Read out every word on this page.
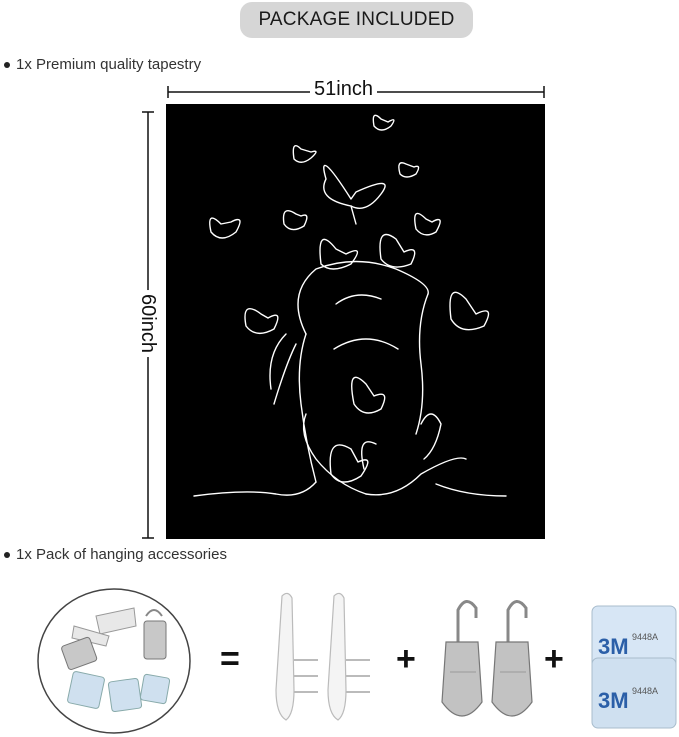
PACKAGE INCLUDED
1x Premium quality tapestry
51inch
60inch
1x Pack of hanging accessories
=	+	+ 3M 9448A
3M 9448A
